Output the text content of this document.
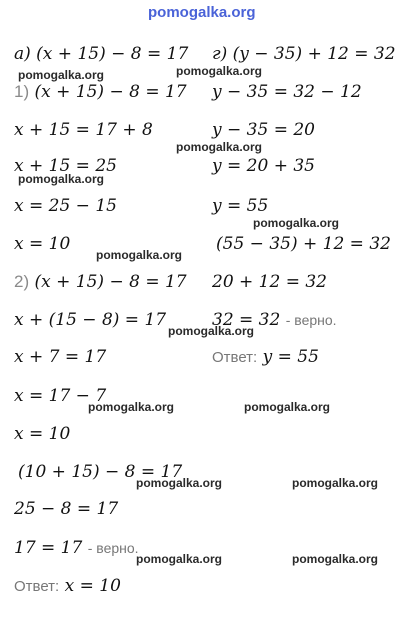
pomogalka.org
а) (x + 15) − 8 = 17
1) (x + 15) − 8 = 17
x + 15 = 17 + 8
x + 15 = 25
x = 25 − 15
x = 10
2) (x + 15) − 8 = 17
x + (15 − 8) = 17
x + 7 = 17
x = 17 − 7
x = 10
(10 + 15) − 8 = 17
25 − 8 = 17
17 = 17 - верно.
Ответ: x = 10
г) (y − 35) + 12 = 32
y − 35 = 32 − 12
y − 35 = 20
y = 20 + 35
y = 55
(55 − 35) + 12 = 32
20 + 12 = 32
32 = 32 - верно.
Ответ: y = 55
pomogalka.org	pomogalka.org
pomogalka.org
pomogalka.org
pomogalka.org
pomogalka.org
pomogalka.org
pomogalka.org	pomogalka.org
pomogalka.org	pomogalka.org
pomogalka.org	pomogalka.org
